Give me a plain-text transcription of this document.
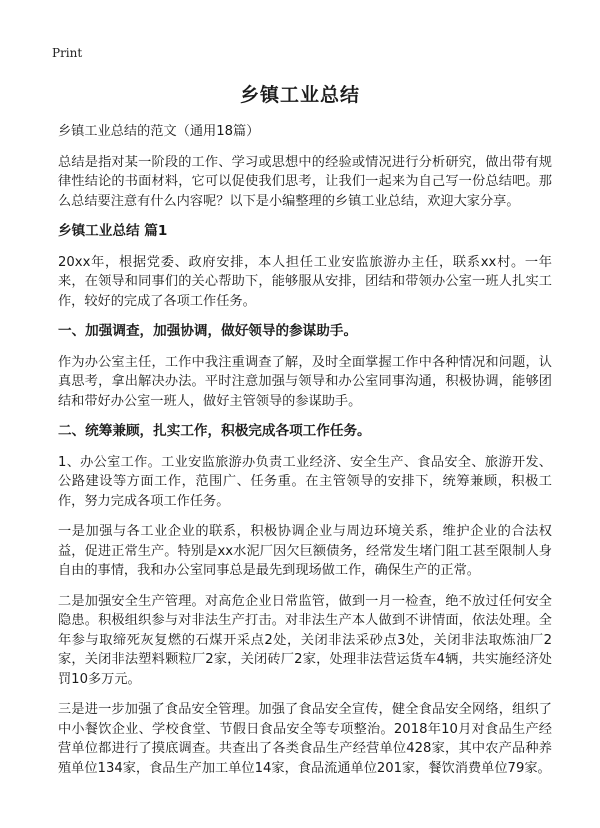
Print
乡镇工业总结

乡镇工业总结的范文（通用18篇）

总结是指对某一阶段的工作、学习或思想中的经验或情况进行分析研究，做出带有规律性结论的书面材料，它可以促使我们思考，让我们一起来为自己写一份总结吧。那么总结要注意有什么内容呢？以下是小编整理的乡镇工业总结，欢迎大家分享。

乡镇工业总结 篇1

20xx年，根据党委、政府安排，本人担任工业安监旅游办主任，联系xx村。一年来，在领导和同事们的关心帮助下，能够服从安排，团结和带领办公室一班人扎实工作，较好的完成了各项工作任务。

一、加强调查，加强协调，做好领导的参谋助手。

作为办公室主任，工作中我注重调查了解，及时全面掌握工作中各种情况和问题，认真思考，拿出解决办法。平时注意加强与领导和办公室同事沟通，积极协调，能够团结和带好办公室一班人，做好主管领导的参谋助手。

二、统筹兼顾，扎实工作，积极完成各项工作任务。

1、办公室工作。工业安监旅游办负责工业经济、安全生产、食品安全、旅游开发、公路建设等方面工作，范围广、任务重。在主管领导的安排下，统筹兼顾，积极工作，努力完成各项工作任务。

一是加强与各工业企业的联系，积极协调企业与周边环境关系，维护企业的合法权益，促进正常生产。特别是xx水泥厂因欠巨额债务，经常发生堵门阻工甚至限制人身自由的事情，我和办公室同事总是最先到现场做工作，确保生产的正常。

二是加强安全生产管理。对高危企业日常监管，做到一月一检查，绝不放过任何安全隐患。积极组织参与对非法生产打击。对非法生产本人做到不讲情面，依法处理。全年参与取缔死灰复燃的石煤开采点2处，关闭非法采砂点3处，关闭非法取炼油厂2家，关闭非法塑料颗粒厂2家，关闭砖厂2家，处理非法营运货车4辆，共实施经济处罚10多万元。

三是进一步加强了食品安全管理。加强了食品安全宣传，健全食品安全网络，组织了中小餐饮企业、学校食堂、节假日食品安全等专项整治。2018年10月对食品生产经营单位都进行了摸底调查。共查出了各类食品生产经营单位428家，其中农产品种养殖单位134家，食品生产加工单位14家，食品流通单位201家，餐饮消费单位79家。
